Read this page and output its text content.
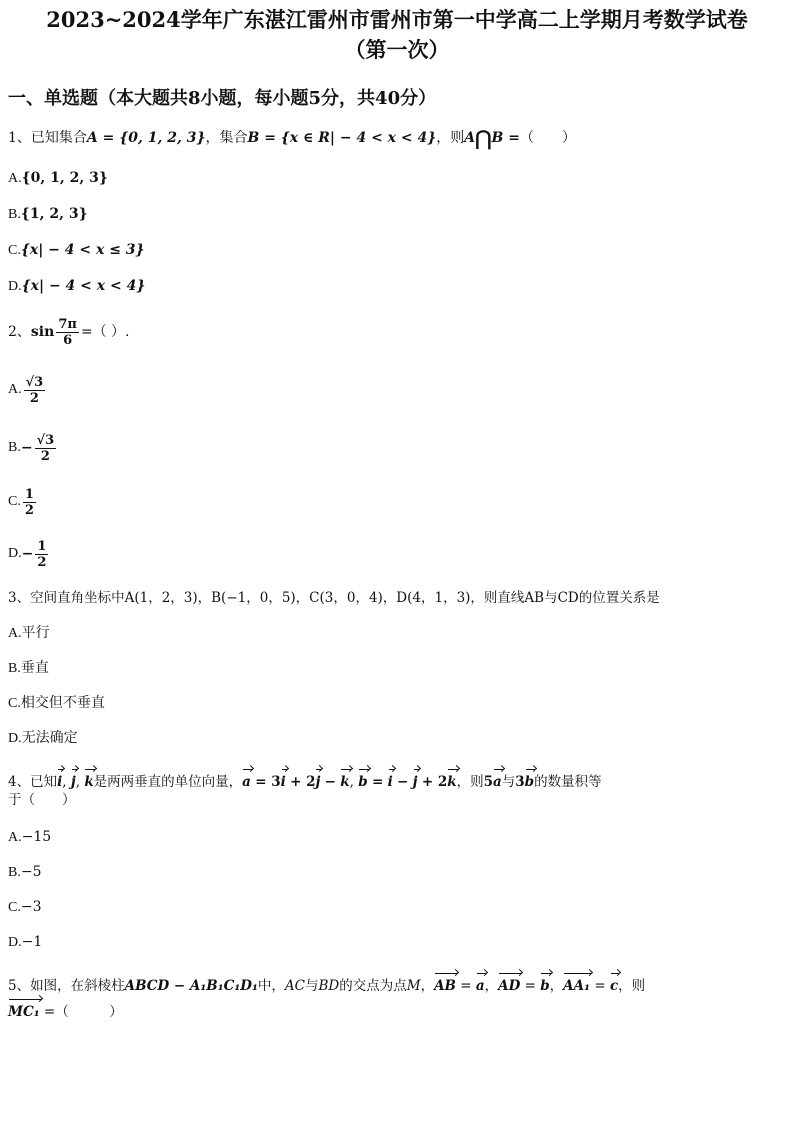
2023~2024学年广东湛江雷州市雷州市第一中学高二上学期月考数学试卷
（第一次）
一、单选题（本大题共8小题，每小题5分，共40分）
1、已知集合A = {0, 1, 2, 3}，集合B = {x ∈ R| − 4 < x < 4}，则A⋂B =（　　）
A.{0, 1, 2, 3}
B.{1, 2, 3}
C.{x| − 4 < x ≤ 3}
D.{x| − 4 < x < 4}
2、 $\sin \frac{7\pi}{6}$ =（ ）.
A. $\frac{√3}{2}$
B. − $\frac{√3}{2}$
C. $\frac{1}{2}$
D. − $\frac{1}{2}$
3、空间直角坐标中A(1，2，3)，B(−1，0，5)，C(3，0，4)，D(4，1，3)，则直线AB与CD的位置关系是
A.平行
B.垂直
C.相交但不垂直
D.无法确定
4、已知i, j, k是两两垂直的单位向量，a = 3i + 2j − k, b = i − j + 2k，则5a与3b的数量积等
于（　　）
A.−15
B.−5
C.−3
D.−1
5、如图，在斜棱柱ABCD − A₁B₁C₁D₁中，AC与BD的交点为点M，AB = a，AD = b，AA₁ = c，则
MC₁ =（　　　）
